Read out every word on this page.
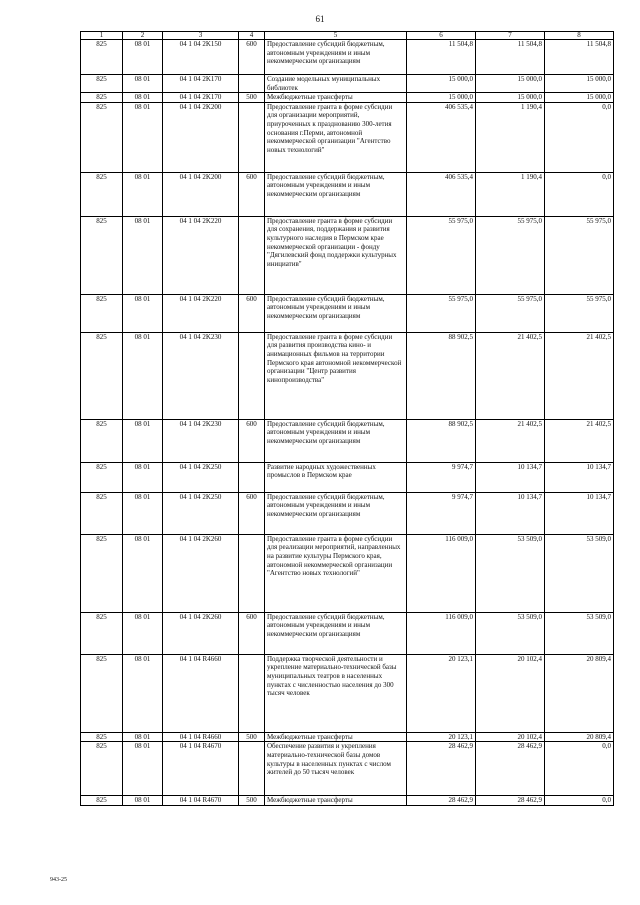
61
1	2	3	4	5	6	7	8
825	08 01	04 1 04 2K150	600	Предоставление субсидий бюджетным, автономным учреждениям и иным некоммерческим организациям	11 504,8	11 504,8	11 504,8
825	08 01	04 1 04 2K170		Создание модельных муниципальных библиотек	15 000,0	15 000,0	15 000,0
825	08 01	04 1 04 2K170	500	Межбюджетные трансферты	15 000,0	15 000,0	15 000,0
825	08 01	04 1 04 2K200		Предоставление гранта в форме субсидии для организации мероприятий, приуроченных к празднованию 300-летия основания г.Перми, автономной некоммерческой организации "Агентство новых технологий"	406 535,4	1 190,4	0,0
825	08 01	04 1 04 2K200	600	Предоставление субсидий бюджетным, автономным учреждениям и иным некоммерческим организациям	406 535,4	1 190,4	0,0
825	08 01	04 1 04 2K220		Предоставление гранта в форме субсидии для сохранения, поддержания и развития культурного наследия в Пермском крае некоммерческой организации - фонду "Дягилевский фонд поддержки культурных инициатив"	55 975,0	55 975,0	55 975,0
825	08 01	04 1 04 2K220	600	Предоставление субсидий бюджетным, автономным учреждениям и иным некоммерческим организациям	55 975,0	55 975,0	55 975,0
825	08 01	04 1 04 2K230		Предоставление гранта в форме субсидии для развития производства кино- и анимационных фильмов на территории Пермского края автономной некоммерческой организации "Центр развития кинопроизводства"	88 902,5	21 402,5	21 402,5
825	08 01	04 1 04 2K230	600	Предоставление субсидий бюджетным, автономным учреждениям и иным некоммерческим организациям	88 902,5	21 402,5	21 402,5
825	08 01	04 1 04 2K250		Развитие народных художественных промыслов в Пермском крае	9 974,7	10 134,7	10 134,7
825	08 01	04 1 04 2K250	600	Предоставление субсидий бюджетным, автономным учреждениям и иным некоммерческим организациям	9 974,7	10 134,7	10 134,7
825	08 01	04 1 04 2K260		Предоставление гранта в форме субсидии для реализации мероприятий, направленных на развитие культуры Пермского края, автономной некоммерческой организации "Агентство новых технологий"	116 009,0	53 509,0	53 509,0
825	08 01	04 1 04 2K260	600	Предоставление субсидий бюджетным, автономным учреждениям и иным некоммерческим организациям	116 009,0	53 509,0	53 509,0
825	08 01	04 1 04 R4660		Поддержка творческой деятельности и укрепление материально-технической базы муниципальных театров в населенных пунктах с численностью населения до 300 тысяч человек	20 123,1	20 102,4	20 809,4
825	08 01	04 1 04 R4660	500	Межбюджетные трансферты	20 123,1	20 102,4	20 809,4
825	08 01	04 1 04 R4670		Обеспечение развития и укрепления материально-технической базы домов культуры в населенных пунктах с числом жителей до 50 тысяч человек	28 462,9	28 462,9	0,0
825	08 01	04 1 04 R4670	500	Межбюджетные трансферты	28 462,9	28 462,9	0,0
943-25
